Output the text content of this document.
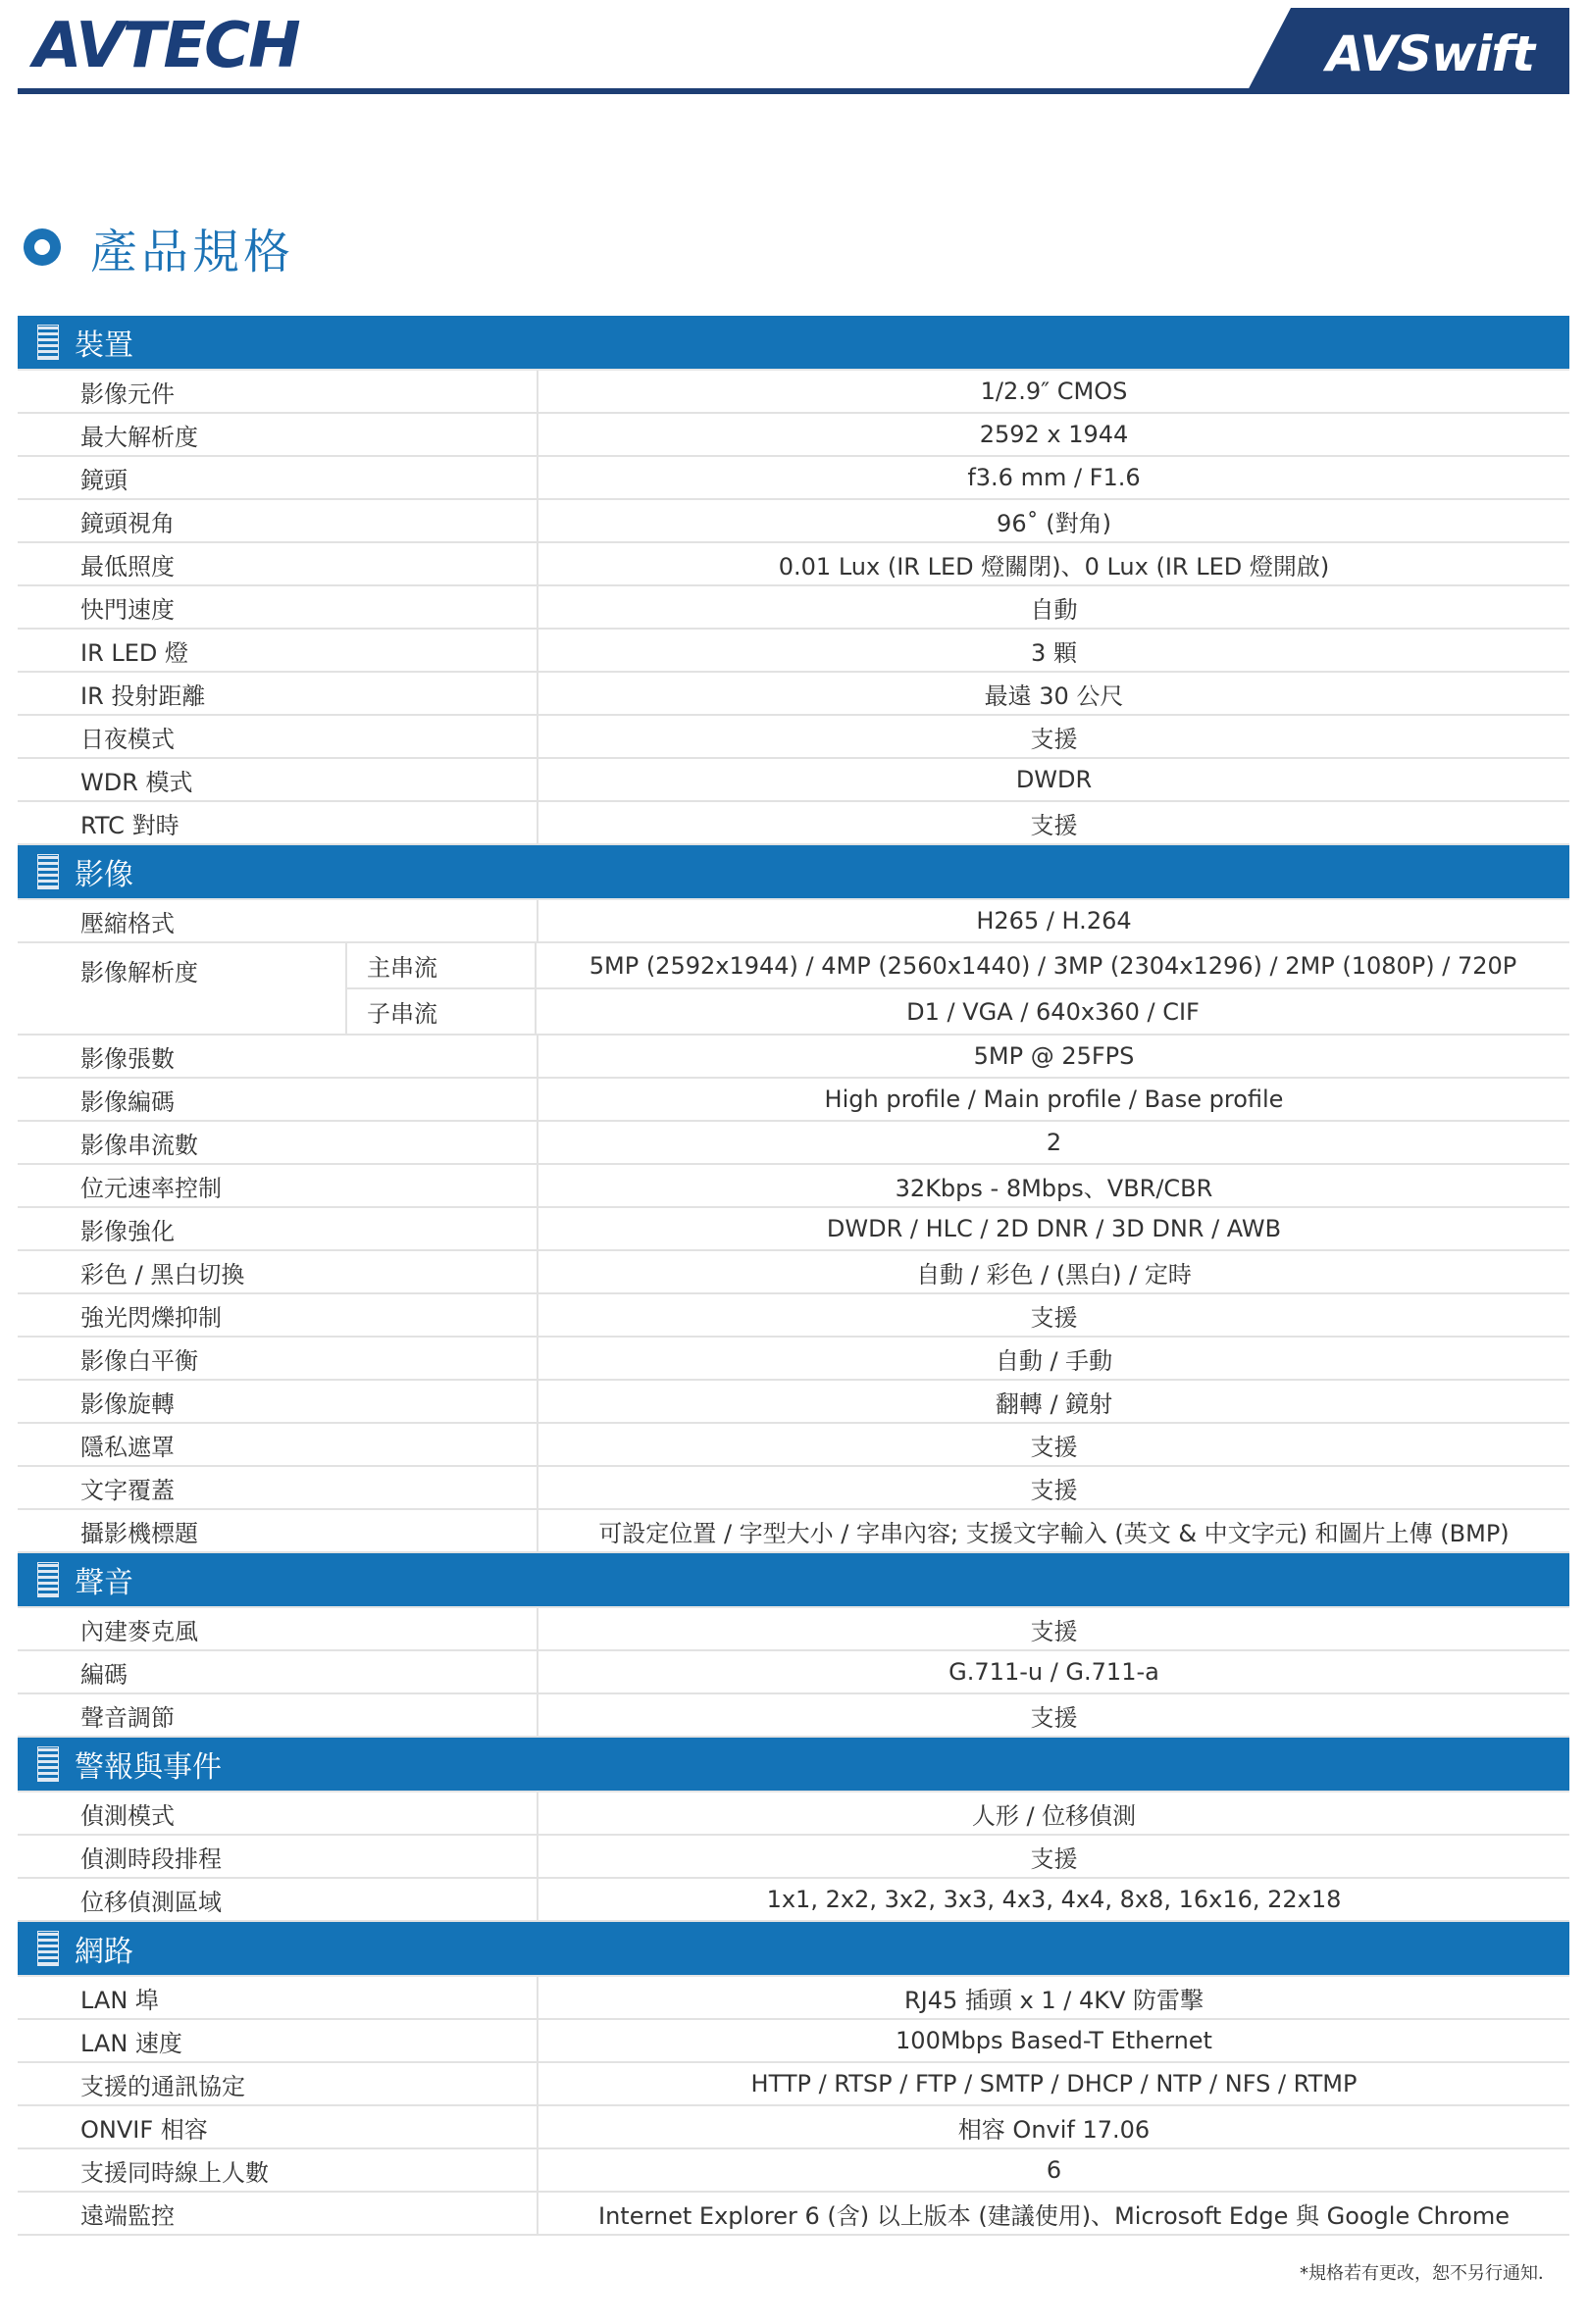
AVTECH	AVSwift
產品規格
裝置
影像元件	1/2.9″ CMOS
最大解析度	2592 x 1944
鏡頭	f3.6 mm / F1.6
鏡頭視角	96˚ (對角)
最低照度	0.01 Lux (IR LED 燈關閉)、0 Lux (IR LED 燈開啟)
快門速度	自動
IR LED 燈	3 顆
IR 投射距離	最遠 30 公尺
日夜模式	支援
WDR 模式	DWDR
RTC 對時	支援
影像
壓縮格式	H265 / H.264
影像解析度	主串流	5MP (2592x1944) / 4MP (2560x1440) / 3MP (2304x1296) / 2MP (1080P) / 720P
子串流	D1 / VGA / 640x360 / CIF
影像張數	5MP @ 25FPS
影像編碼	High profile / Main profile / Base profile
影像串流數	2
位元速率控制	32Kbps - 8Mbps、VBR/CBR
影像強化	DWDR / HLC / 2D DNR / 3D DNR / AWB
彩色 / 黑白切換	自動 / 彩色 / (黑白) / 定時
強光閃爍抑制	支援
影像白平衡	自動 / 手動
影像旋轉	翻轉 / 鏡射
隱私遮罩	支援
文字覆蓋	支援
攝影機標題	可設定位置 / 字型大小 / 字串內容; 支援文字輸入 (英文 & 中文字元) 和圖片上傳 (BMP)
聲音
內建麥克風	支援
編碼	G.711-u / G.711-a
聲音調節	支援
警報與事件
偵測模式	人形 / 位移偵測
偵測時段排程	支援
位移偵測區域	1x1, 2x2, 3x2, 3x3, 4x3, 4x4, 8x8, 16x16, 22x18
網路
LAN 埠	RJ45 插頭 x 1 / 4KV 防雷擊
LAN 速度	100Mbps Based-T Ethernet
支援的通訊協定	HTTP / RTSP / FTP / SMTP / DHCP / NTP / NFS / RTMP
ONVIF 相容	相容 Onvif 17.06
支援同時線上人數	6
遠端監控	Internet Explorer 6 (含) 以上版本 (建議使用)、Microsoft Edge 與 Google Chrome
*規格若有更改，恕不另行通知．
